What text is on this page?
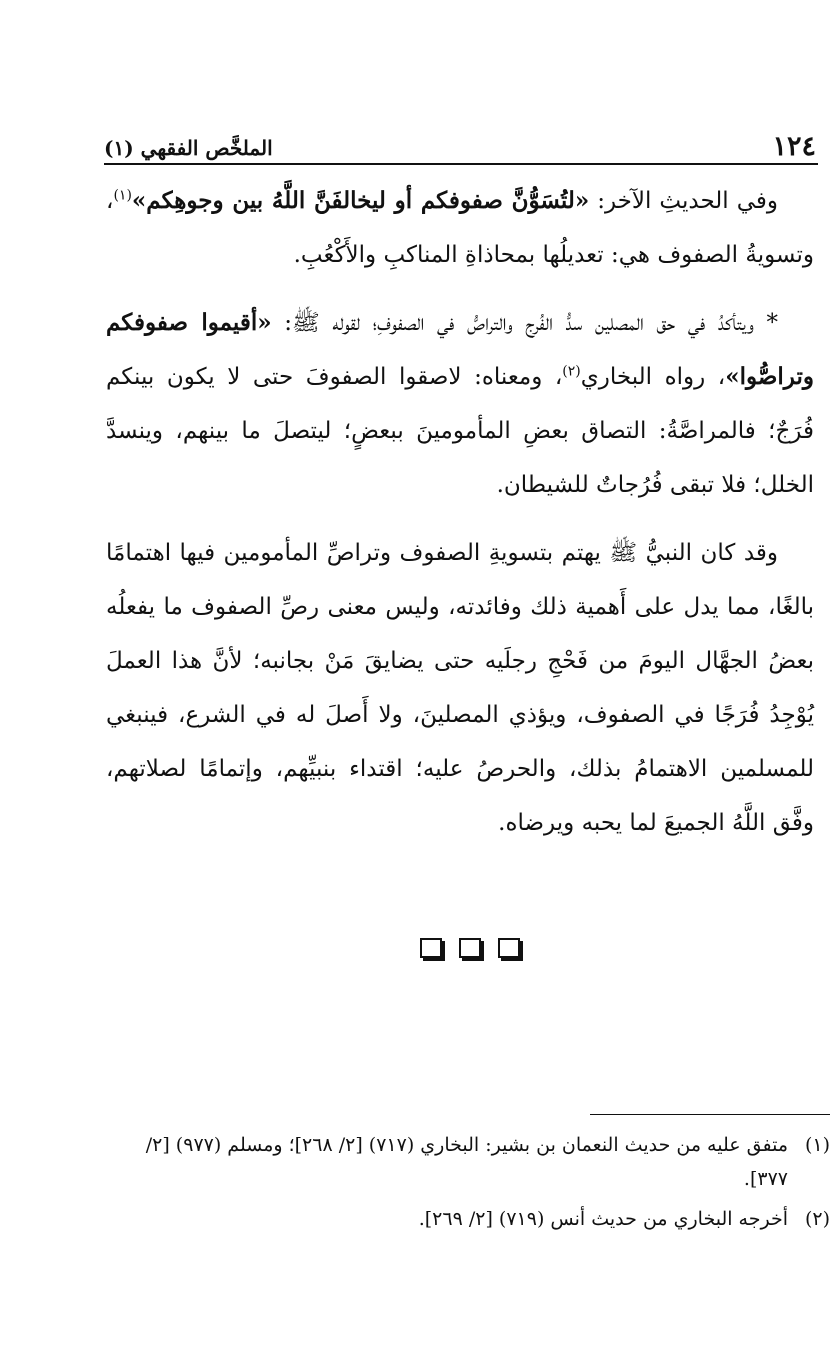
١٢٤
الملخَّص الفقهي (١)

وفي الحديثِ الآخر: «لتُسَوُّنَّ صفوفكم أو ليخالفَنَّ اللَّهُ بين وجوهِكم»$^{(١)}$، وتسويةُ الصفوف هي: تعديلُها بمحاذاةِ المناكبِ والأَكْعُبِ.

* ويتأكدُ في حق المصلين سدُّ الفُرج والتراصُّ في الصفوفِ؛ لقوله ﷺ: «أقيموا صفوفكم وتراصُّوا»، رواه البخاري$^{(٢)}$، ومعناه: لاصقوا الصفوفَ حتى لا يكون بينكم فُرَجٌ؛ فالمراصَّةُ: التصاق بعضِ المأمومينَ ببعضٍ؛ ليتصلَ ما بينهم، وينسدَّ الخلل؛ فلا تبقى فُرُجاتٌ للشيطان.

وقد كان النبيُّ ﷺ يهتم بتسويةِ الصفوف وتراصِّ المأمومين فيها اهتمامًا بالغًا، مما يدل على أَهمية ذلك وفائدته، وليس معنى رصِّ الصفوف ما يفعلُه بعضُ الجهَّال اليومَ من فَحْجِ رجلَيه حتى يضايقَ مَنْ بجانبه؛ لأنَّ هذا العملَ يُوْجِدُ فُرَجًا في الصفوف، ويؤذي المصلينَ، ولا أَصلَ له في الشرع، فينبغي للمسلمين الاهتمامُ بذلك، والحرصُ عليه؛ اقتداء بنبيِّهم، وإتمامًا لصلاتهم، وفَّق اللَّهُ الجميعَ لما يحبه ويرضاه.

(١)
متفق عليه من حديث النعمان بن بشير: البخاري (٧١٧) [٢/ ٢٦٨]؛ ومسلم (٩٧٧) [٢/ ٣٧٧].
(٢)
أخرجه البخاري من حديث أنس (٧١٩) [٢/ ٢٦٩].
